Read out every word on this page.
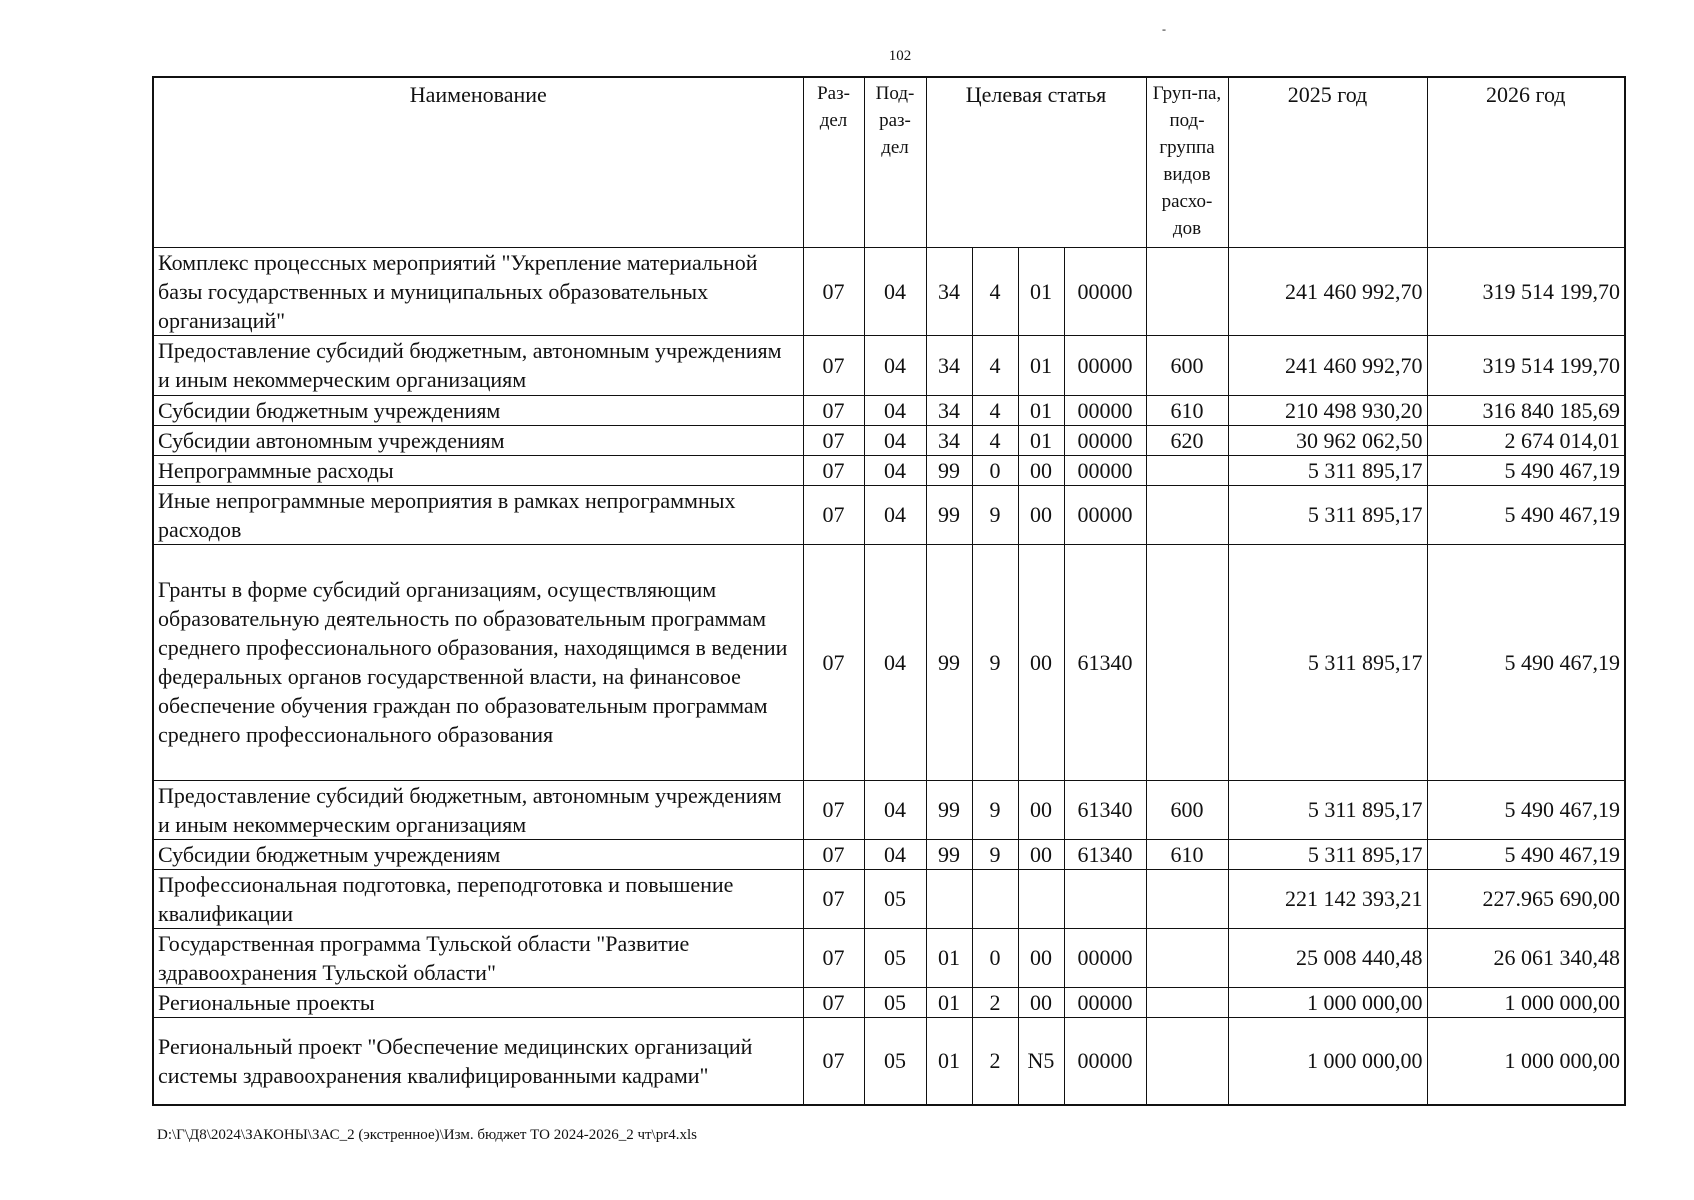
102
-
Наименование	Раз-дел	Под-раз-дел	Целевая статья				Груп-па, под-группа видов расхо-дов	2025 год	2026 год
Комплекс процессных мероприятий "Укрепление материальной базы государственных и муниципальных образовательных организаций"	07	04	34	4	01	00000		241 460 992,70	319 514 199,70
Предоставление субсидий бюджетным, автономным учреждениям и иным некоммерческим организациям	07	04	34	4	01	00000	600	241 460 992,70	319 514 199,70
Субсидии бюджетным учреждениям	07	04	34	4	01	00000	610	210 498 930,20	316 840 185,69
Субсидии автономным учреждениям	07	04	34	4	01	00000	620	30 962 062,50	2 674 014,01
Непрограммные расходы	07	04	99	0	00	00000		5 311 895,17	5 490 467,19
Иные непрограммные мероприятия в рамках непрограммных расходов	07	04	99	9	00	00000		5 311 895,17	5 490 467,19
Гранты в форме субсидий организациям, осуществляющим образовательную деятельность по образовательным программам среднего профессионального образования, находящимся в ведении федеральных органов государственной власти, на финансовое обеспечение обучения граждан по образовательным программам среднего профессионального образования	07	04	99	9	00	61340		5 311 895,17	5 490 467,19
Предоставление субсидий бюджетным, автономным учреждениям и иным некоммерческим организациям	07	04	99	9	00	61340	600	5 311 895,17	5 490 467,19
Субсидии бюджетным учреждениям	07	04	99	9	00	61340	610	5 311 895,17	5 490 467,19
Профессиональная подготовка, переподготовка и повышение квалификации	07	05						221 142 393,21	227.965 690,00
Государственная программа Тульской области "Развитие здравоохранения Тульской области"	07	05	01	0	00	00000		25 008 440,48	26 061 340,48
Региональные проекты	07	05	01	2	00	00000		1 000 000,00	1 000 000,00
Региональный проект "Обеспечение медицинских организаций системы здравоохранения квалифицированными кадрами"	07	05	01	2	N5	00000		1 000 000,00	1 000 000,00
D:\Г\Д8\2024\ЗАКОНЫ\ЗАС_2 (экстренное)\Изм. бюджет ТО 2024-2026_2 чт\pr4.xls
